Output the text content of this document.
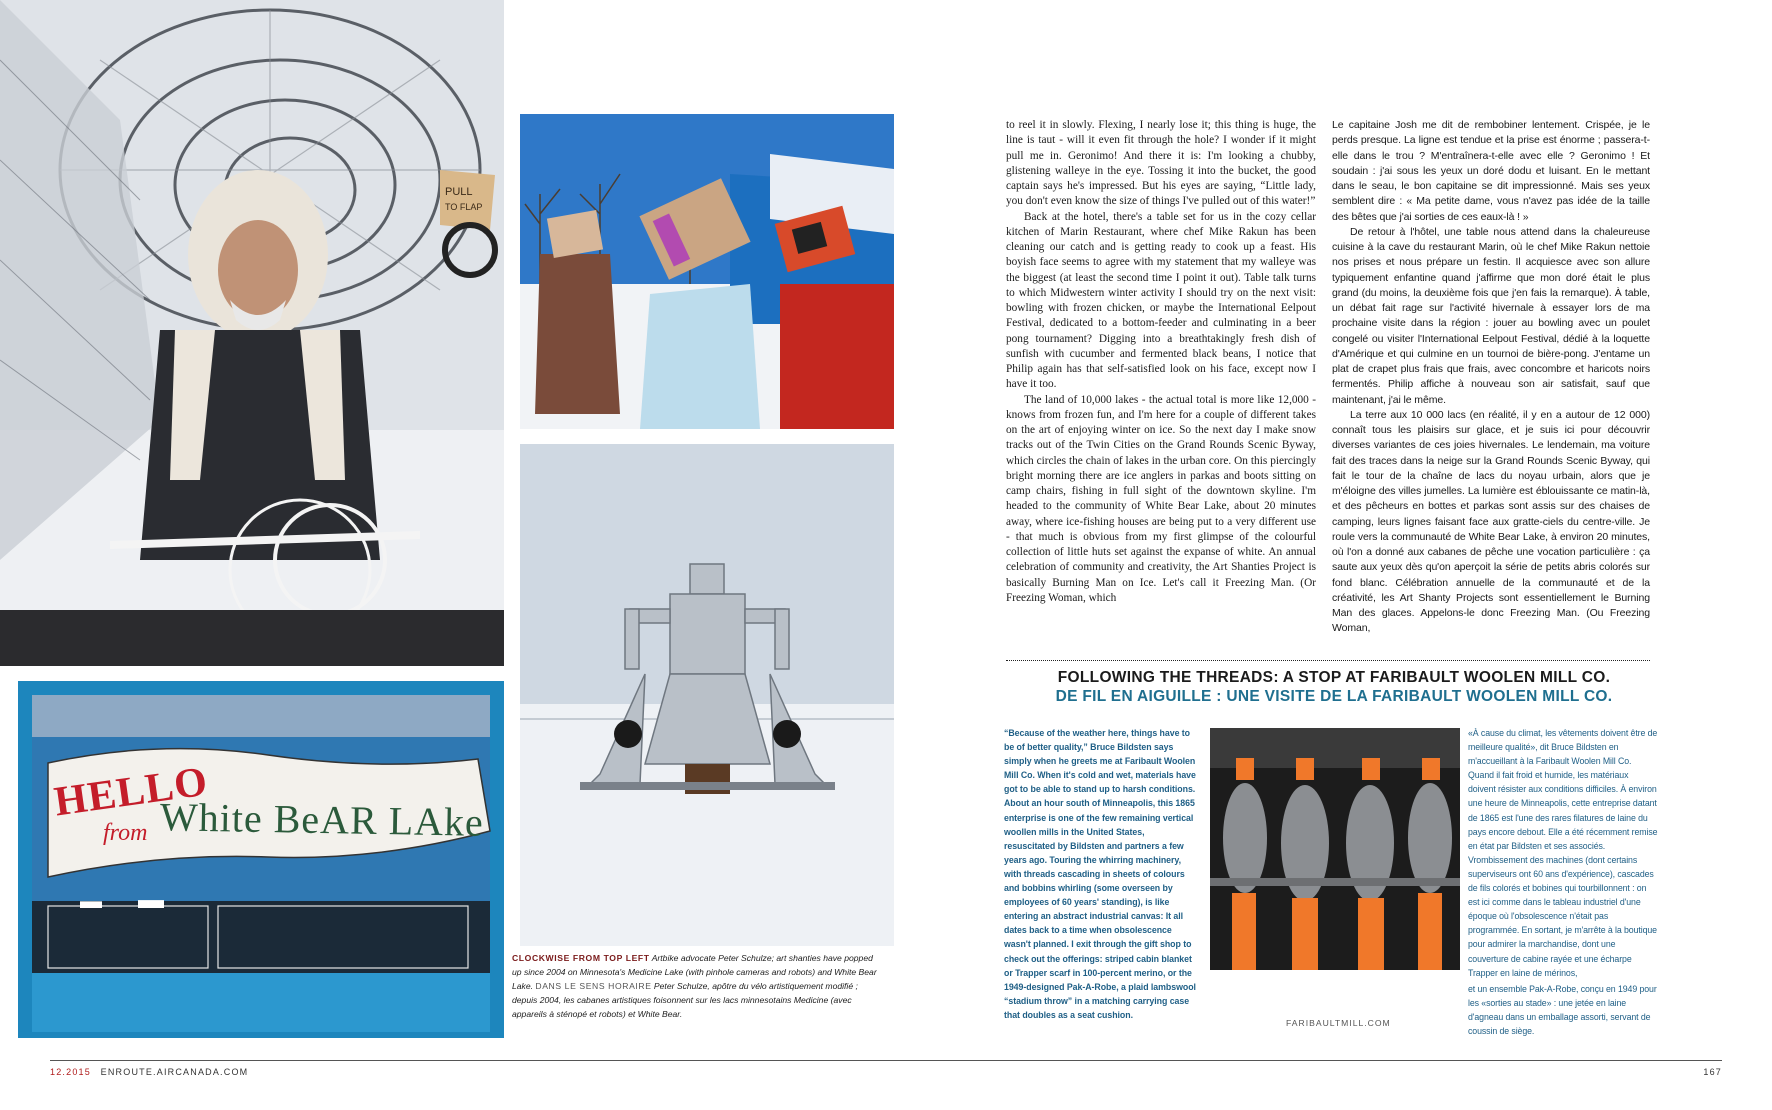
PULL
TO FLAP
HELLO
from White BeAR LAke
▬ ▬
CLOCKWISE FROM TOP LEFT Artbike advocate Peter Schulze; art shanties have popped up since 2004 on Minnesota's Medicine Lake (with pinhole cameras and robots) and White Bear Lake. DANS LE SENS HORAIRE Peter Schulze, apôtre du vélo artistiquement modifié ; depuis 2004, les cabanes artistiques foisonnent sur les lacs minnesotains Medicine (avec appareils à sténopé et robots) et White Bear.

to reel it in slowly. Flexing, I nearly lose it; this thing is huge, the line is taut - will it even fit through the hole? I wonder if it might pull me in. Geronimo! And there it is: I'm looking a chubby, glistening walleye in the eye. Tossing it into the bucket, the good captain says he's impressed. But his eyes are saying, “Little lady, you don't even know the size of things I've pulled out of this water!”

Back at the hotel, there's a table set for us in the cozy cellar kitchen of Marin Restaurant, where chef Mike Rakun has been cleaning our catch and is getting ready to cook up a feast. His boyish face seems to agree with my statement that my walleye was the biggest (at least the second time I point it out). Table talk turns to which Midwestern winter activity I should try on the next visit: bowling with frozen chicken, or maybe the International Eelpout Festival, dedicated to a bottom-feeder and culminating in a beer pong tournament? Digging into a breathtakingly fresh dish of sunfish with cucumber and fermented black beans, I notice that Philip again has that self-satisfied look on his face, except now I have it too.

The land of 10,000 lakes - the actual total is more like 12,000 - knows from frozen fun, and I'm here for a couple of different takes on the art of enjoying winter on ice. So the next day I make snow tracks out of the Twin Cities on the Grand Rounds Scenic Byway, which circles the chain of lakes in the urban core. On this piercingly bright morning there are ice anglers in parkas and boots sitting on camp chairs, fishing in full sight of the downtown skyline. I'm headed to the community of White Bear Lake, about 20 minutes away, where ice-fishing houses are being put to a very different use - that much is obvious from my first glimpse of the colourful collection of little huts set against the expanse of white. An annual celebration of community and creativity, the Art Shanties Project is basically Burning Man on Ice. Let's call it Freezing Man. (Or Freezing Woman, which

Le capitaine Josh me dit de rembobiner lentement. Crispée, je le perds presque. La ligne est tendue et la prise est énorme ; passera-t-elle dans le trou ? M'entraînera-t-elle avec elle ? Geronimo ! Et soudain : j'ai sous les yeux un doré dodu et luisant. En le mettant dans le seau, le bon capitaine se dit impressionné. Mais ses yeux semblent dire : « Ma petite dame, vous n'avez pas idée de la taille des bêtes que j'ai sorties de ces eaux-là ! »

De retour à l'hôtel, une table nous attend dans la chaleureuse cuisine à la cave du restaurant Marin, où le chef Mike Rakun nettoie nos prises et nous prépare un festin. Il acquiesce avec son allure typiquement enfantine quand j'affirme que mon doré était le plus grand (du moins, la deuxième fois que j'en fais la remarque). À table, un débat fait rage sur l'activité hivernale à essayer lors de ma prochaine visite dans la région : jouer au bowling avec un poulet congelé ou visiter l'International Eelpout Festival, dédié à la loquette d'Amérique et qui culmine en un tournoi de bière-pong. J'entame un plat de crapet plus frais que frais, avec concombre et haricots noirs fermentés. Philip affiche à nouveau son air satisfait, sauf que maintenant, j'ai le même.

La terre aux 10 000 lacs (en réalité, il y en a autour de 12 000) connaît tous les plaisirs sur glace, et je suis ici pour découvrir diverses variantes de ces joies hivernales. Le lendemain, ma voiture fait des traces dans la neige sur la Grand Rounds Scenic Byway, qui fait le tour de la chaîne de lacs du noyau urbain, alors que je m'éloigne des villes jumelles. La lumière est éblouissante ce matin-là, et des pêcheurs en bottes et parkas sont assis sur des chaises de camping, leurs lignes faisant face aux gratte-ciels du centre-ville. Je roule vers la communauté de White Bear Lake, à environ 20 minutes, où l'on a donné aux cabanes de pêche une vocation particulière : ça saute aux yeux dès qu'on aperçoit la série de petits abris colorés sur fond blanc. Célébration annuelle de la communauté et de la créativité, les Art Shanty Projects sont essentiellement le Burning Man des glaces. Appelons-le donc Freezing Man. (Ou Freezing Woman,

FOLLOWING THE THREADS: A STOP AT FARIBAULT WOOLEN MILL CO.
DE FIL EN AIGUILLE : UNE VISITE DE LA FARIBAULT WOOLEN MILL CO.
“Because of the weather here, things have to be of better quality,” Bruce Bildsten says simply when he greets me at Faribault Woolen Mill Co. When it's cold and wet, materials have got to be able to stand up to harsh conditions. About an hour south of Minneapolis, this 1865 enterprise is one of the few remaining vertical woollen mills in the United States, resuscitated by Bildsten and partners a few years ago. Touring the whirring machinery, with threads cascading in sheets of colours and bobbins whirling (some overseen by employees of 60 years' standing), is like entering an abstract industrial canvas: It all dates back to a time when obsolescence wasn't planned. I exit through the gift shop to check out the offerings: striped cabin blanket or Trapper scarf in 100-percent merino, or the 1949-designed Pak-A-Robe, a plaid lambswool “stadium throw” in a matching carrying case that doubles as a seat cushion.
«À cause du climat, les vêtements doivent être de meilleure qualité», dit Bruce Bildsten en m'accueillant à la Faribault Woolen Mill Co. Quand il fait froid et humide, les matériaux doivent résister aux conditions difficiles. À environ une heure de Minneapolis, cette entreprise datant de 1865 est l'une des rares filatures de laine du pays encore debout. Elle a été récemment remise en état par Bildsten et ses associés. Vrombissement des machines (dont certains superviseurs ont 60 ans d'expérience), cascades de fils colorés et bobines qui tourbillonnent : on est ici comme dans le tableau industriel d'une époque où l'obsolescence n'était pas programmée. En sortant, je m'arrête à la boutique pour admirer la marchandise, dont une couverture de cabine rayée et une écharpe Trapper en laine de mérinos,
et un ensemble Pak-A-Robe, conçu en 1949 pour les «sorties au stade» : une jetée en laine d'agneau dans un emballage assorti, servant de coussin de siège.
FARIBAULTMILL.COM
12.2015 ENROUTE.AIRCANADA.COM	167
